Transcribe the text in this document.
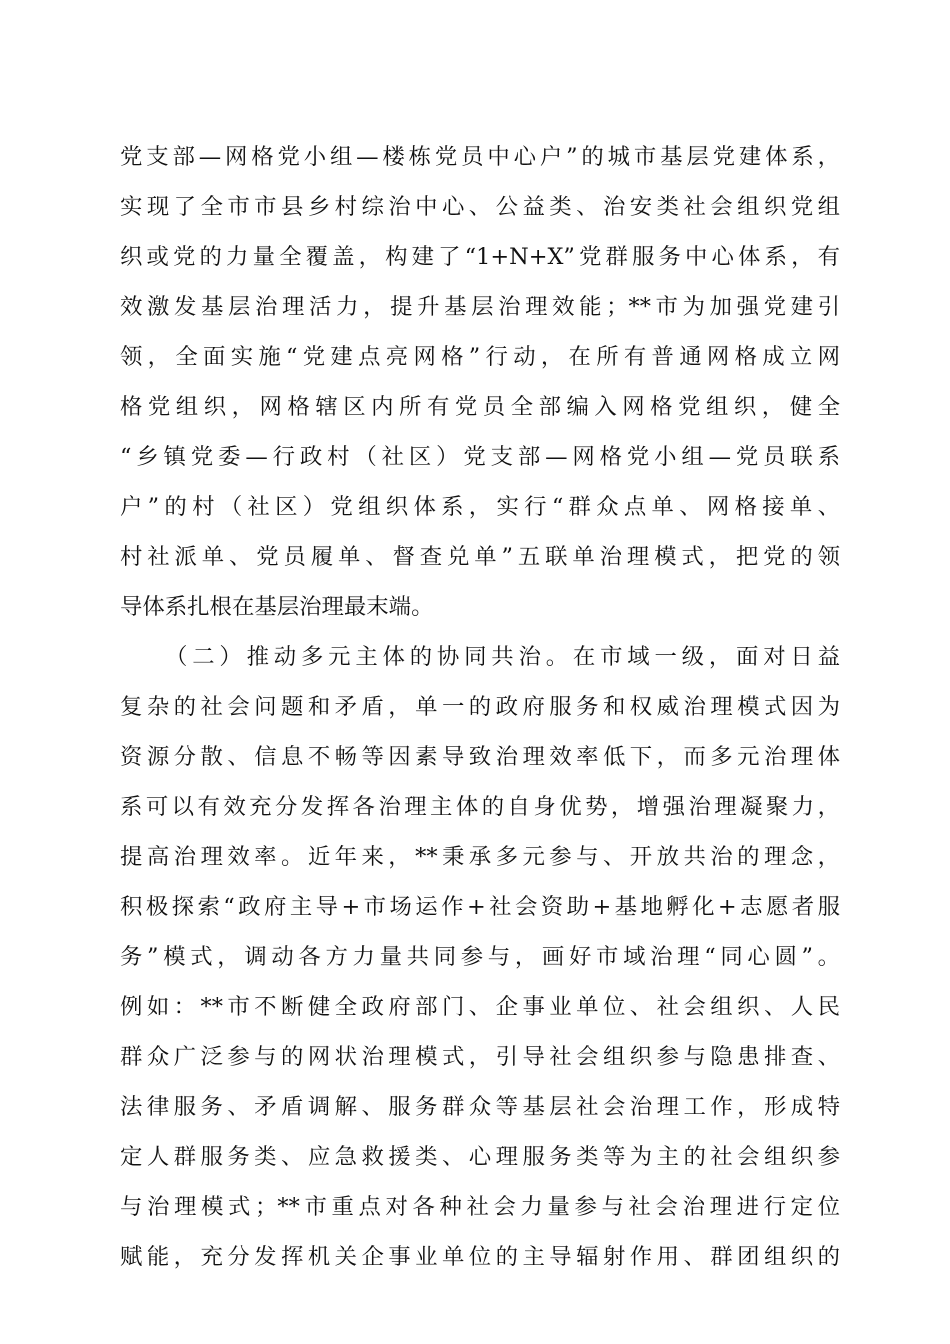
党支部—网格党小组—楼栋党员中心户”的城市基层党建体系，
实现了全市市县乡村综治中心、公益类、治安类社会组织党组
织或党的力量全覆盖，构建了“1+N+X”党群服务中心体系，有
效激发基层治理活力，提升基层治理效能；**市为加强党建引
领，全面实施“党建点亮网格”行动，在所有普通网格成立网
格党组织，网格辖区内所有党员全部编入网格党组织，健全
“乡镇党委—行政村（社区）党支部—网格党小组—党员联系
户”的村（社区）党组织体系，实行“群众点单、网格接单、
村社派单、党员履单、督查兑单”五联单治理模式，把党的领
导体系扎根在基层治理最末端。
（二）推动多元主体的协同共治。在市域一级，面对日益
复杂的社会问题和矛盾，单一的政府服务和权威治理模式因为
资源分散、信息不畅等因素导致治理效率低下，而多元治理体
系可以有效充分发挥各治理主体的自身优势，增强治理凝聚力，
提高治理效率。近年来，**秉承多元参与、开放共治的理念，
积极探索“政府主导+市场运作+社会资助+基地孵化+志愿者服
务”模式，调动各方力量共同参与，画好市域治理“同心圆”。
例如：**市不断健全政府部门、企事业单位、社会组织、人民
群众广泛参与的网状治理模式，引导社会组织参与隐患排查、
法律服务、矛盾调解、服务群众等基层社会治理工作，形成特
定人群服务类、应急救援类、心理服务类等为主的社会组织参
与治理模式；**市重点对各种社会力量参与社会治理进行定位
赋能，充分发挥机关企事业单位的主导辐射作用、群团组织的
